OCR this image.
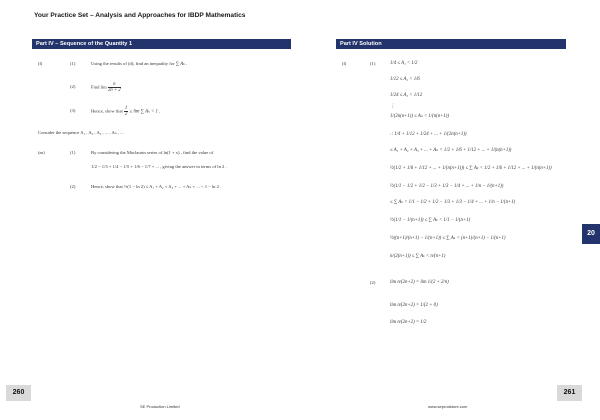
Your Practice Set – Analysis and Approaches for IBDP Mathematics
Part IV – Sequence of the Quantity 1
(l)	(1)	Using the results of (d), find an inequality for ∑ Aₖ .
(2)	Find $\lim \frac{n}{2n + 2}$
(3)	Hence, show that $\frac{1}{2} \le \lim$ ∑ Aₖ < 1 .
Consider the sequence A₁ , A₂ , A₃ , ... , Aₙ , ...
(m)	(1)	By considering the Maclaurin series of ln(1 + x) , find the value of
1/2 − 1/3 + 1/4 − 1/5 + 1/6 − 1/7 + ... , giving the answer in terms of ln 2 .
(2)	Hence, show that ½(1 − ln 2) ≤ A₁ + A₂ + A₃ + ... + Aₙ + ... < 1 − ln 2 .
Part IV Solution
(l)	(1)	1/4 ≤ A₁ < 1/2
1/12 ≤ A₂ < 1/6
1/24 ≤ A₃ < 1/12
⋮
1/(2n(n+1)) ≤ Aₙ < 1/(n(n+1))
∴ 1/4 + 1/12 + 1/24 + ... + 1/(2n(n+1))
≤ A₁ + A₂ + A₃ + ... + Aₙ < 1/2 + 1/6 + 1/12 + ... + 1/(n(n+1))
½(1/2 + 1/6 + 1/12 + ... + 1/(n(n+1))) ≤ ∑ Aₖ < 1/2 + 1/6 + 1/12 + ... + 1/(n(n+1))
½(1/1 − 1/2 + 1/2 − 1/3 + 1/3 − 1/4 + ... + 1/n − 1/(n+1))
≤ ∑ Aₖ < 1/1 − 1/2 + 1/2 − 1/3 + 1/3 − 1/4 + ... + 1/n − 1/(n+1)
½(1/1 − 1/(n+1)) ≤ ∑ Aₖ < 1/1 − 1/(n+1)
½((n+1)/(n+1) − 1/(n+1)) ≤ ∑ Aₖ < (n+1)/(n+1) − 1/(n+1)
n/(2(n+1)) ≤ ∑ Aₖ < n/(n+1)
(2)	lim n/(2n+2) = lim 1/(2 + 2/n)
lim n/(2n+2) = 1/(2 + 0)
lim n/(2n+2) = 1/2
20
260	261
SE Production Limited	www.seprodstore.com
